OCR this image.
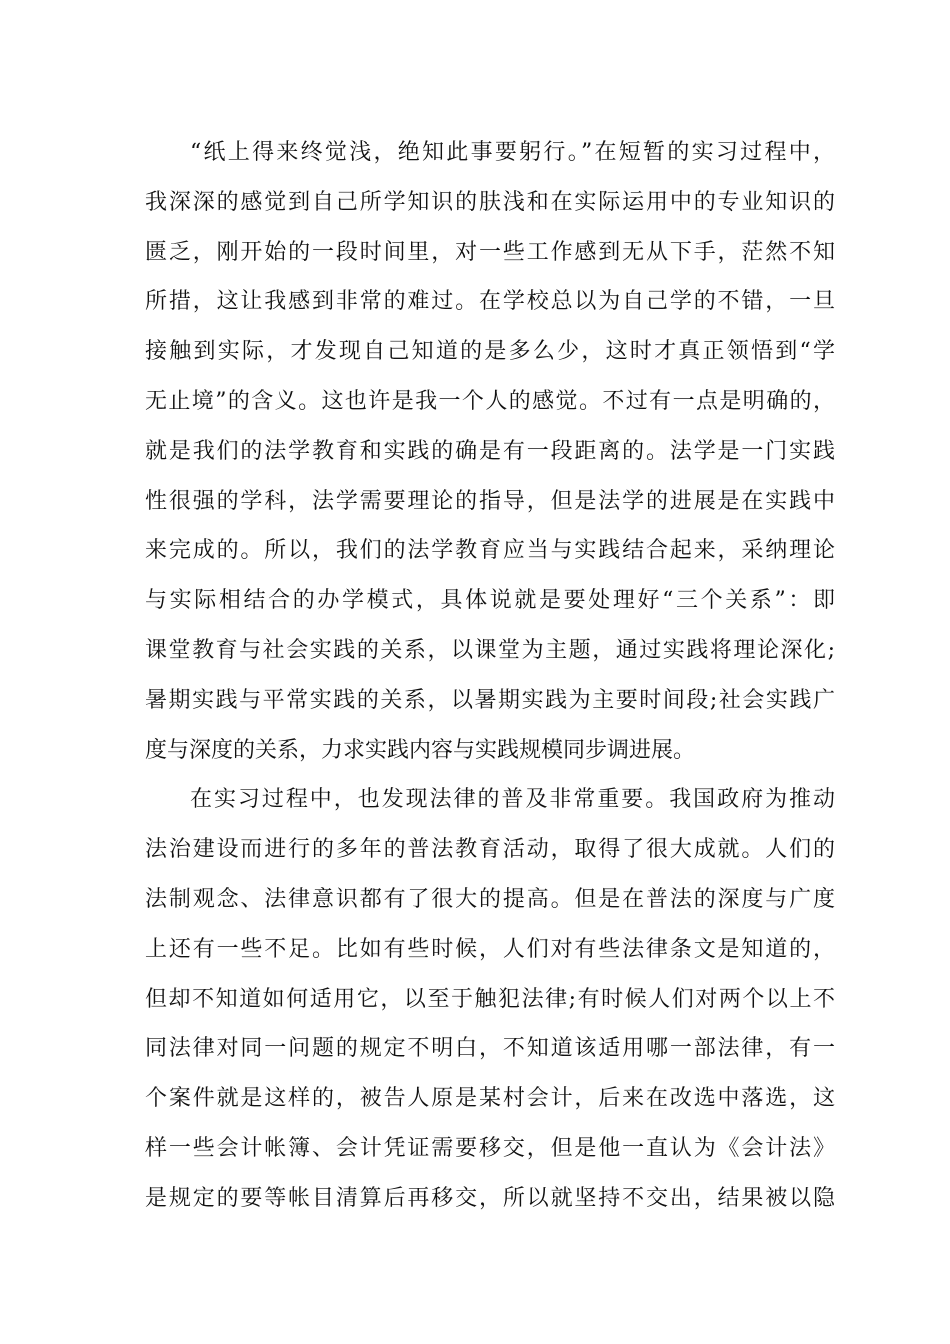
“纸上得来终觉浅，绝知此事要躬行。”在短暂的实习过程中，
我深深的感觉到自己所学知识的肤浅和在实际运用中的专业知识的
匮乏，刚开始的一段时间里，对一些工作感到无从下手，茫然不知
所措，这让我感到非常的难过。在学校总以为自己学的不错，一旦
接触到实际，才发现自己知道的是多么少，这时才真正领悟到“学
无止境”的含义。这也许是我一个人的感觉。不过有一点是明确的，
就是我们的法学教育和实践的确是有一段距离的。法学是一门实践
性很强的学科，法学需要理论的指导，但是法学的进展是在实践中
来完成的。所以，我们的法学教育应当与实践结合起来，采纳理论
与实际相结合的办学模式，具体说就是要处理好“三个关系”：即
课堂教育与社会实践的关系，以课堂为主题，通过实践将理论深化;
暑期实践与平常实践的关系，以暑期实践为主要时间段;社会实践广
度与深度的关系，力求实践内容与实践规模同步调进展。
在实习过程中，也发现法律的普及非常重要。我国政府为推动
法治建设而进行的多年的普法教育活动，取得了很大成就。人们的
法制观念、法律意识都有了很大的提高。但是在普法的深度与广度
上还有一些不足。比如有些时候，人们对有些法律条文是知道的，
但却不知道如何适用它，以至于触犯法律;有时候人们对两个以上不
同法律对同一问题的规定不明白，不知道该适用哪一部法律，有一
个案件就是这样的，被告人原是某村会计，后来在改选中落选，这
样一些会计帐簿、会计凭证需要移交，但是他一直认为《会计法》
是规定的要等帐目清算后再移交，所以就坚持不交出，结果被以隐
